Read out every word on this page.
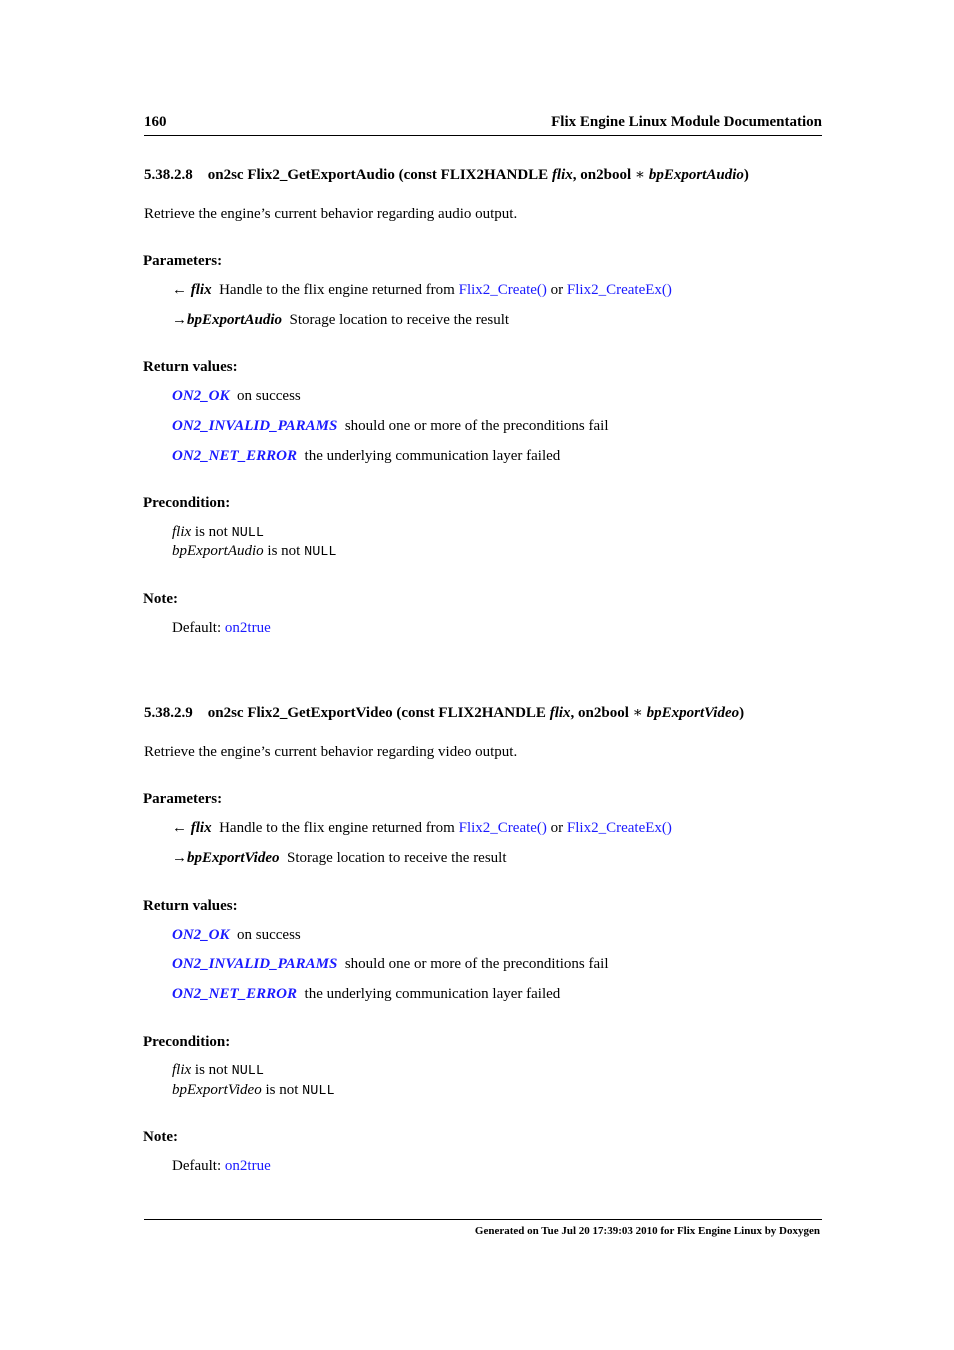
160	Flix Engine Linux Module Documentation
5.38.2.8 on2sc Flix2_GetExportAudio (const FLIX2HANDLE flix, on2bool ∗ bpExportAudio)
Retrieve the engine’s current behavior regarding audio output.
Parameters:
← flix Handle to the flix engine returned from Flix2_Create() or Flix2_CreateEx()
→bpExportAudio Storage location to receive the result
Return values:
ON2_OK on success
ON2_INVALID_PARAMS should one or more of the preconditions fail
ON2_NET_ERROR the underlying communication layer failed
Precondition:
flix is not NULL
bpExportAudio is not NULL
Note:
Default: on2true
5.38.2.9 on2sc Flix2_GetExportVideo (const FLIX2HANDLE flix, on2bool ∗ bpExportVideo)
Retrieve the engine’s current behavior regarding video output.
Parameters:
← flix Handle to the flix engine returned from Flix2_Create() or Flix2_CreateEx()
→bpExportVideo Storage location to receive the result
Return values:
ON2_OK on success
ON2_INVALID_PARAMS should one or more of the preconditions fail
ON2_NET_ERROR the underlying communication layer failed
Precondition:
flix is not NULL
bpExportVideo is not NULL
Note:
Default: on2true
Generated on Tue Jul 20 17:39:03 2010 for Flix Engine Linux by Doxygen
